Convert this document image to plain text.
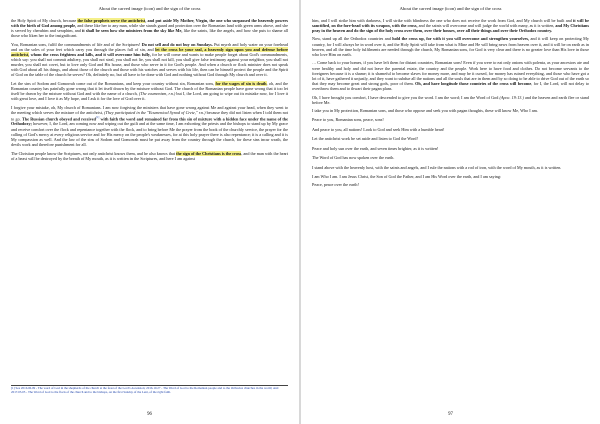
About the carved image (icon) and the sign of the cross

the Holy Spirit of My church, because the false prophets serve the antichrist, and put aside My Mother, Virgin, the one who surpassed the heavenly powers with the birth of God among people, and these like her to any man, while she stands guard and protection over the Romanian land with green arms above, and she is served by cherubim and seraphim, and it shall be seen how she ministers from the sky like Me, like the saints, like the angels, and how she puts to shame all those who liken her to the insignificant.

You, Romanian sons, fulfil the commandments of life and of the Scriptures! Do not sell and do not buy on Sundays. Put myrrh and holy water on your forehead and on the soles of your feet which carry you through the places full of sin, and let the cross be your seal, a heavenly sign upon you and defense before antichrist, whom the cross frightens and kills, and it will overcome him fully, for he will come and wants to make people forget about God's commandments, which say: you shall not commit adultery, you shall not steal, you shall not lie, you shall not kill, you shall give false testimony against your neighbor, you shall not murder, you shall not covet, but to love only God and His house, and those who serve in it for God's people. And when a church or flock minister does not speak with God about all his things, and about those of the church and those with his watches and serves with his life, then can he himself protect the people and the Spirit of God on the table of the church he serves? Oh, definitely no, but all have to be done with God and nothing without God through My church and over it.

Let the sins of Sodom and Gomorrah come out of the Romanians, and keep your country without sin, Romanian sons, for the wages of sin is death, oh, and the Romanian country has painfully gone wrong that it let itself drawn by the mixture without God. The church of the Romanian people have gone wrong that it too let itself be drawn by the mixture without God and with the name of a church, (The ecumenism, r.n.) but I, the Lord, am going to wipe out its mistake now, for I love it with great love, and I love it as My hope, and I ask it for the love of God over it.

I forgive your mistake, oh, My church of Romanians. I am now forgiving the ministers that have gone wrong against Me and against your head, when they went to the meeting which serves the mixture of the antichrist, (They participated in the "Ecumenical Synod of Crete," r.n.) because they did not listen when I told them not to go. The Russian church obeyed and received[1] with faith the word and remained far from this sin of mixture with a hidden face under the name of the Orthodoxy; however, I, the Lord, am coming now and wiping out the guilt and at the same time, I am exhorting the priests and the bishops to stand up by My grace and receive comfort over the flock and repentance together with the flock, and to bring before Me the prayer from the book of the churchly service, the prayer for the calling of God's mercy at every religious service and for His mercy on the people's weaknesses, for at this holy prayer there is also repentance; it is a calling and it is My compassion as well. And the law of the sins of Sodom and Gomorrah must be put away from the country through the church, for these sins incur wrath, the devils work and therefore punishment for all.

The Christian people know the Scriptures, not only antichrist knows them, and he also knows that the sign of the Christians is the cross, and the man with the heart of a beast will be destroyed by the breath of My mouth, as it is written in the Scriptures, and here I am against

[1] See 2016.06.09 - The word of God in the shepherds of the church at the feast of the Lord's Ascension; 2016.10.27 - The Word of God to the Romanian people and to the Orthodox churches in the world; And 2017.03.05 - The Word of God to the flock of the church and to the bishops, on the first Sunday of the Lent, of the right faith.

96
About the carved image (icon) and the sign of the cross

him, and I will strike him with darkness, I will strike with blindness the one who does not receive the work from God, and My church will be built and it will be sanctified, on the fore-head with its weapon, with the cross, and the saints will overcome and will judge the world with many, as it is written, and My Christians pray in the heaven and do the sign of the holy cross over them, over their houses, over all their things and over their Orthodox country.

Now, stand up all the Orthodox countries and hold the cross up, for with it you will overcome and strengthen yourselves, and it will keep on protecting My country, for I will always be in word over it, and the Holy Spirit will take from what is Mine and He will bring news from heaven over it, and it will be on earth as in heaven, and all the time holy fulfilments are needed through the church, My Romanian sons, for God is very clear and there is no greater love than His love in those who love Him on earth.

… Come back to your homes, if you have left them for distant countries, Romanian sons! Even if you were to eat only onions with polenta, as your ancestors ate and were healthy and holy and did not leave the parental estate, the country and the people. Work here to have food and clothes. Do not become servants to the foreigners because it is a shame; it is shameful to become slaves for money more, and may be it cursed, for money has ruined everything, and those who have got a lot of it, have gathered it unjustly, and they want to subdue all the nations and all the souls that are in them and by so doing to be able to drive God out of the earth so that they may become great and strong gods, poor of them. Oh, and have longitude those countries of the cross will become, for I, the Lord, will not delay to overthrow them and to thwart their pagan plans.

Oh, I have brought you comfort, I have descended to give you the word. I am the word; I am the Word of God (Apoc. 19:13.) and the heaven and earth flee or stand before Me.

I take you in My protection, Romanian sons, and those who oppose and seek you with pagan thoughts, these will know Me, Who I am.

Peace to you, Romanian sons, peace, sons!

And peace to you, all nations! Look to God and seek Him with a humble heart!

Let the antichrist work be set aside and listen to God the Word!

Peace and holy sun over the earth, and seven times brighter, as it is written!

The Word of God has now spoken over the earth.

I stand above with the heavenly host, with the saints and angels, and I rule the nations with a rod of iron, with the word of My mouth, as it is written.

I am Who I am. I am Jesus Christ, the Son of God the Father, and I am His Word over the earth, and I am saying:

Peace, peace over the earth!

97
